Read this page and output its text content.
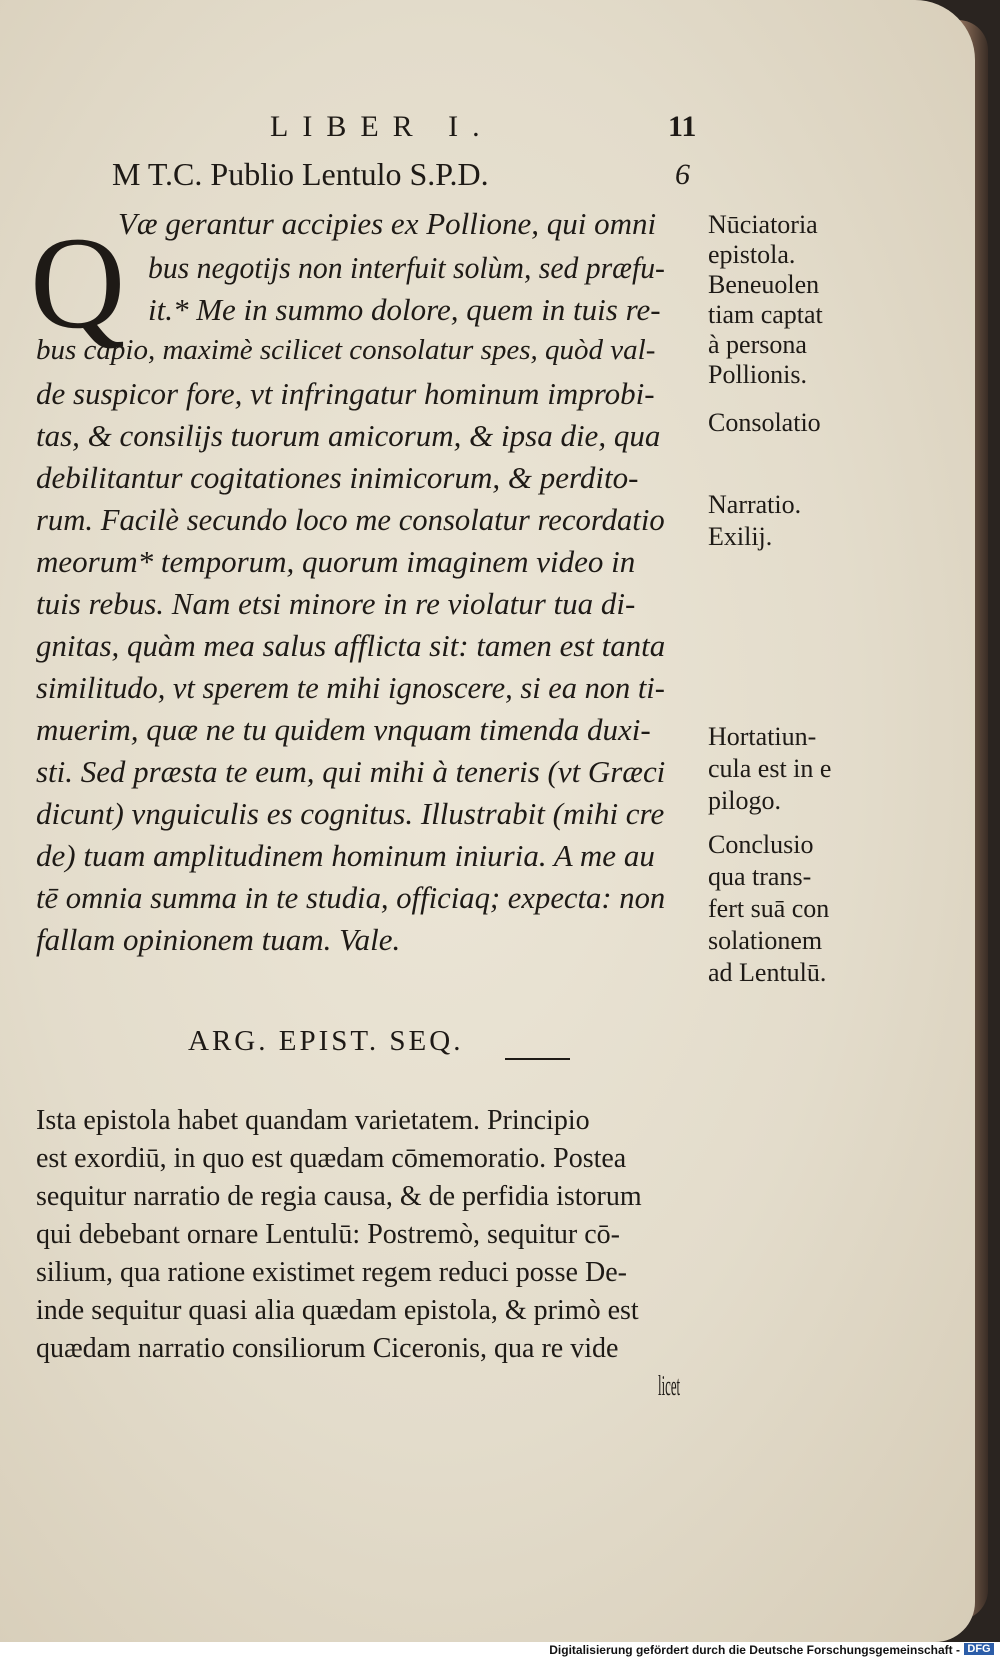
LIBER I.	11
M T.C. Publio Lentulo S.P.D.	6
Q
Væ gerantur accipies ex Pollione, qui omni
bus negotijs non interfuit solùm, sed præfu-
it.* Me in summo dolore, quem in tuis re-
bus capio, maximè scilicet consolatur spes, quòd val-
de suspicor fore, vt infringatur hominum improbi-
tas, & consilijs tuorum amicorum, & ipsa die, qua
debilitantur cogitationes inimicorum, & perdito-
rum. Facilè secundo loco me consolatur recordatio
meorum* temporum, quorum imaginem video in
tuis rebus. Nam etsi minore in re violatur tua di-
gnitas, quàm mea salus afflicta sit: tamen est tanta
similitudo, vt sperem te mihi ignoscere, si ea non ti-
muerim, quæ ne tu quidem vnquam timenda duxi-
sti. Sed præsta te eum, qui mihi à teneris (vt Græci
dicunt) vnguiculis es cognitus. Illustrabit (mihi cre
de) tuam amplitudinem hominum iniuria. A me au
tē omnia summa in te studia, officiaq; expecta: non
fallam opinionem tuam. Vale.
Nūciatoria
epistola.
Beneuolen
tiam captat
à persona
Pollionis.
Consolatio
Narratio.
Exilij.
Hortatiun-
cula est in e
pilogo.
Conclusio
qua trans-
fert suā con
solationem
ad Lentulū.
ARG. EPIST. SEQ.
Ista epistola habet quandam varietatem. Principio
est exordiū, in quo est quædam cōmemoratio. Postea
sequitur narratio de regia causa, & de perfidia istorum
qui debebant ornare Lentulū: Postremò, sequitur cō-
silium, qua ratione existimet regem reduci posse De-
inde sequitur quasi alia quædam epistola, & primò est
quædam narratio consiliorum Ciceronis, qua re vide
licet
Digitalisierung gefördert durch die Deutsche Forschungsgemeinschaft - DFG
